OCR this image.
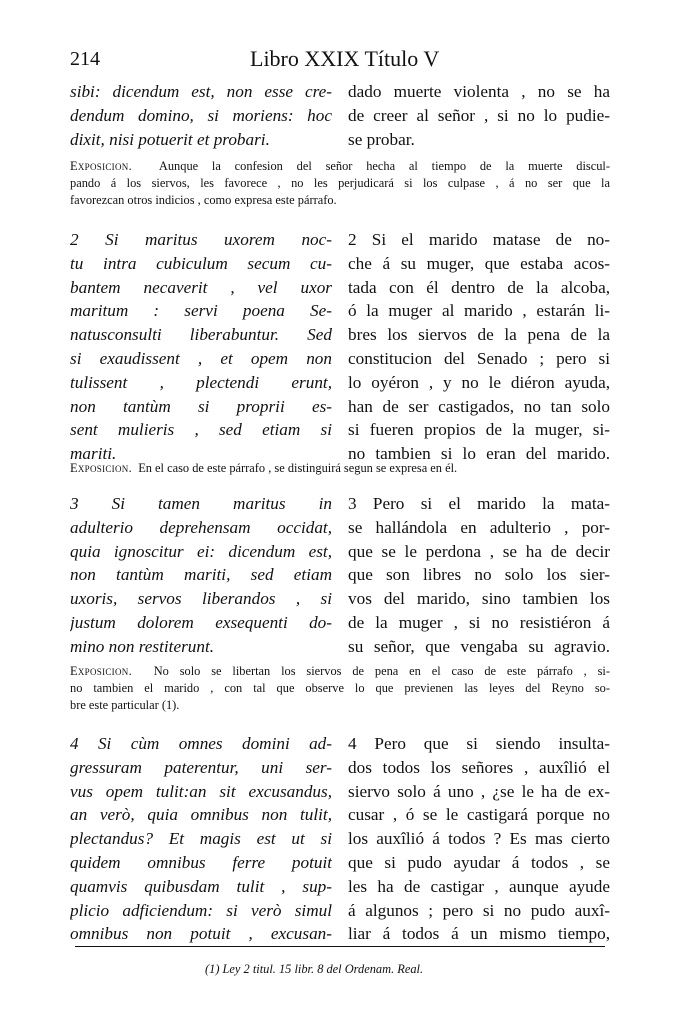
214	Libro XXIX Título V
sibi: dicendum est, non esse cre-
dendum domino, si moriens: hoc
dixit, nisi potuerit et probari.
dado muerte violenta , no se ha
de creer al señor , si no lo pudie-
se probar.
Exposicion. Aunque la confesion del señor hecha al tiempo de la muerte discul-
pando á los siervos, les favorece , no les perjudicará si los culpase , á no ser que la
favorezcan otros indicios , como expresa este párrafo.
2 Si maritus uxorem noc-
tu intra cubiculum secum cu-
bantem necaverit , vel uxor
maritum : servi poena Se-
natusconsulti liberabuntur. Sed
si exaudissent , et opem non
tulissent , plectendi erunt,
non tantùm si proprii es-
sent mulieris , sed etiam si
mariti.
2 Si el marido matase de no-
che á su muger, que estaba acos-
tada con él dentro de la alcoba,
ó la muger al marido , estarán li-
bres los siervos de la pena de la
constitucion del Senado ; pero si
lo oyéron , y no le diéron ayuda,
han de ser castigados, no tan solo
si fueren propios de la muger, si-
no tambien si lo eran del marido.
Exposicion. En el caso de este párrafo , se distinguirá segun se expresa en él.
3 Si tamen maritus in
adulterio deprehensam occidat,
quia ignoscitur ei: dicendum est,
non tantùm mariti, sed etiam
uxoris, servos liberandos , si
justum dolorem exsequenti do-
mino non restiterunt.
3 Pero si el marido la mata-
se hallándola en adulterio , por-
que se le perdona , se ha de decir
que son libres no solo los sier-
vos del marido, sino tambien los
de la muger , si no resistiéron á
su señor, que vengaba su agravio.
Exposicion. No solo se libertan los siervos de pena en el caso de este párrafo , si-
no tambien el marido , con tal que observe lo que previenen las leyes del Reyno so-
bre este particular (1).
4 Si cùm omnes domini ad-
gressuram paterentur, uni ser-
vus opem tulit:an sit excusandus,
an verò, quia omnibus non tulit,
plectandus? Et magis est ut si
quidem omnibus ferre potuit
quamvis quibusdam tulit , sup-
plicio adficiendum: si verò simul
omnibus non potuit , excusan-
4 Pero que si siendo insulta-
dos todos los señores , auxîlió el
siervo solo á uno , ¿se le ha de ex-
cusar , ó se le castigará porque no
los auxîlió á todos ? Es mas cierto
que si pudo ayudar á todos , se
les ha de castigar , aunque ayude
á algunos ; pero si no pudo auxî-
liar á todos á un mismo tiempo,
(1) Ley 2 titul. 15 libr. 8 del Ordenam. Real.
